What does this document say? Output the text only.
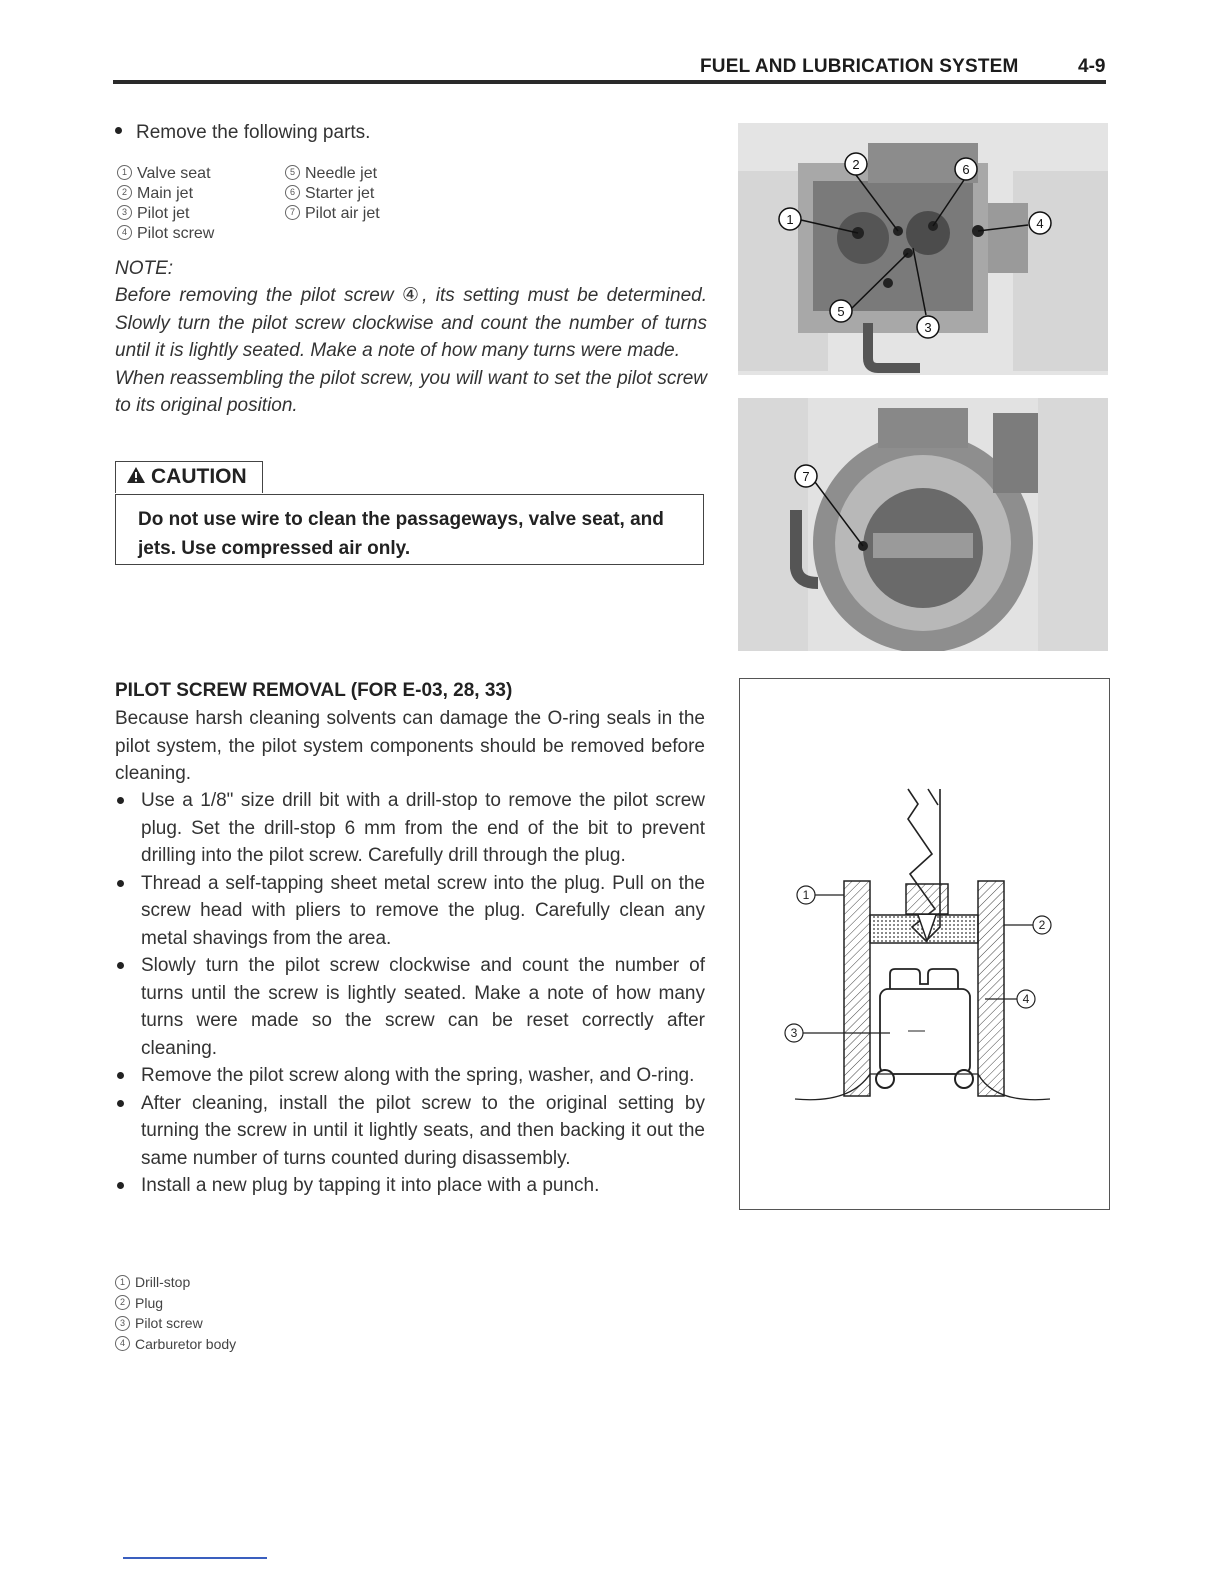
FUEL AND LUBRICATION SYSTEM	4-9
Remove the following parts.
1 Valve seat
2 Main jet
3 Pilot jet
4 Pilot screw
5 Needle jet
6 Starter jet
7 Pilot air jet
NOTE:
Before removing the pilot screw ④, its setting must be determined. Slowly turn the pilot screw clockwise and count the number of turns until it is lightly seated. Make a note of how many turns were made.
When reassembling the pilot screw, you will want to set the pilot screw to its original position.
CAUTION
Do not use wire to clean the passageways, valve seat, and jets. Use compressed air only.
1
2
3
4
5
6
7
PILOT SCREW REMOVAL (FOR E-03, 28, 33)
Because harsh cleaning solvents can damage the O-ring seals in the pilot system, the pilot system components should be removed before cleaning.
Use a 1/8" size drill bit with a drill-stop to remove the pilot screw plug. Set the drill-stop 6 mm from the end of the bit to prevent drilling into the pilot screw. Carefully drill through the plug.
Thread a self-tapping sheet metal screw into the plug. Pull on the screw head with pliers to remove the plug. Carefully clean any metal shavings from the area.
Slowly turn the pilot screw clockwise and count the number of turns until the screw is lightly seated. Make a note of how many turns were made so the screw can be reset correctly after cleaning.
Remove the pilot screw along with the spring, washer, and O-ring.
After cleaning, install the pilot screw to the original setting by turning the screw in until it lightly seats, and then backing it out the same number of turns counted during disassembly.
Install a new plug by tapping it into place with a punch.
1 Drill-stop
2 Plug
3 Pilot screw
4 Carburetor body
1
2
3
4
